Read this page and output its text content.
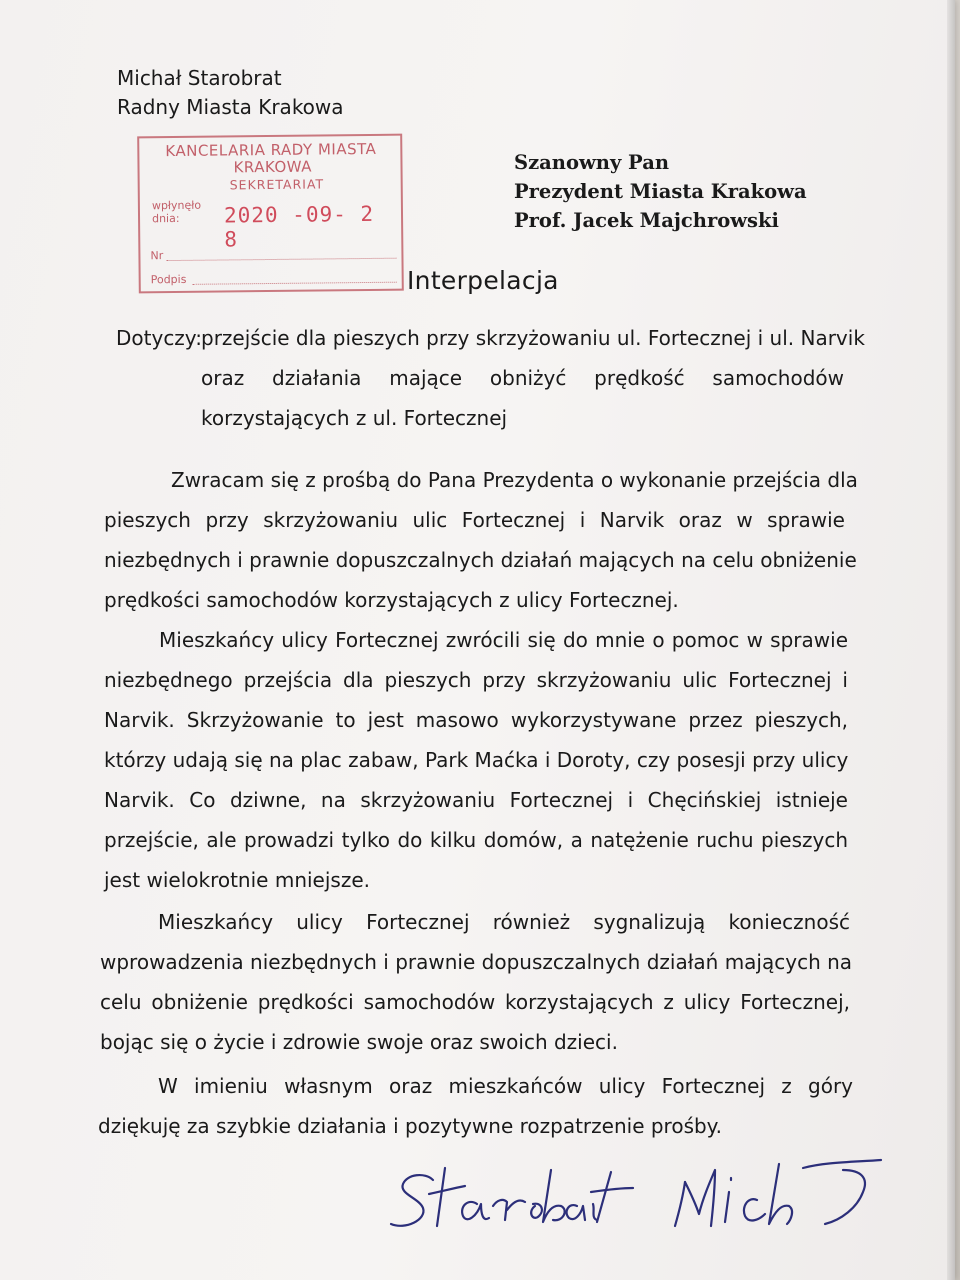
Michał Starobrat
Radny Miasta Krakowa
KANCELARIA RADY MIASTA
KRAKOWA
SEKRETARIAT
wpłynęło
dnia:	2020 -09- 2 8
Nr
Podpis
Szanowny Pan
Prezydent Miasta Krakowa
Prof. Jacek Majchrowski
Interpelacja
Dotyczy: przejście dla pieszych przy skrzyżowaniu ul. Fortecznej i ul. Narvik
oraz działania mające obniżyć prędkość samochodów
korzystających z ul. Fortecznej
Zwracam się z prośbą do Pana Prezydenta o wykonanie przejścia dla
pieszych przy skrzyżowaniu ulic Fortecznej i Narvik oraz w sprawie
niezbędnych i prawnie dopuszczalnych działań mających na celu obniżenie
prędkości samochodów korzystających z ulicy Fortecznej.
Mieszkańcy ulicy Fortecznej zwrócili się do mnie o pomoc w sprawie
niezbędnego przejścia dla pieszych przy skrzyżowaniu ulic Fortecznej i
Narvik. Skrzyżowanie to jest masowo wykorzystywane przez pieszych,
którzy udają się na plac zabaw, Park Maćka i Doroty, czy posesji przy ulicy
Narvik. Co dziwne, na skrzyżowaniu Fortecznej i Chęcińskiej istnieje
przejście, ale prowadzi tylko do kilku domów, a natężenie ruchu pieszych
jest wielokrotnie mniejsze.
Mieszkańcy ulicy Fortecznej również sygnalizują konieczność
wprowadzenia niezbędnych i prawnie dopuszczalnych działań mających na
celu obniżenie prędkości samochodów korzystających z ulicy Fortecznej,
bojąc się o życie i zdrowie swoje oraz swoich dzieci.
W imieniu własnym oraz mieszkańców ulicy Fortecznej z góry
dziękuję za szybkie działania i pozytywne rozpatrzenie prośby.
